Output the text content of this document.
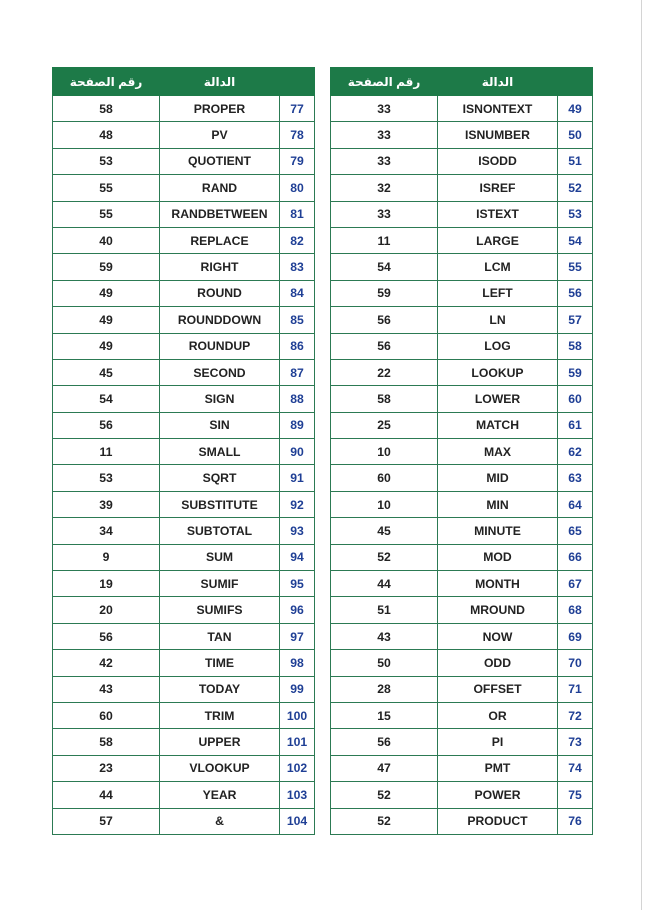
رقم الصفحة	الدالة	
58	PROPER	77
48	PV	78
53	QUOTIENT	79
55	RAND	80
55	RANDBETWEEN	81
40	REPLACE	82
59	RIGHT	83
49	ROUND	84
49	ROUNDDOWN	85
49	ROUNDUP	86
45	SECOND	87
54	SIGN	88
56	SIN	89
11	SMALL	90
53	SQRT	91
39	SUBSTITUTE	92
34	SUBTOTAL	93
9	SUM	94
19	SUMIF	95
20	SUMIFS	96
56	TAN	97
42	TIME	98
43	TODAY	99
60	TRIM	100
58	UPPER	101
23	VLOOKUP	102
44	YEAR	103
57	&	104
رقم الصفحة	الدالة	
33	ISNONTEXT	49
33	ISNUMBER	50
33	ISODD	51
32	ISREF	52
33	ISTEXT	53
11	LARGE	54
54	LCM	55
59	LEFT	56
56	LN	57
56	LOG	58
22	LOOKUP	59
58	LOWER	60
25	MATCH	61
10	MAX	62
60	MID	63
10	MIN	64
45	MINUTE	65
52	MOD	66
44	MONTH	67
51	MROUND	68
43	NOW	69
50	ODD	70
28	OFFSET	71
15	OR	72
56	PI	73
47	PMT	74
52	POWER	75
52	PRODUCT	76
